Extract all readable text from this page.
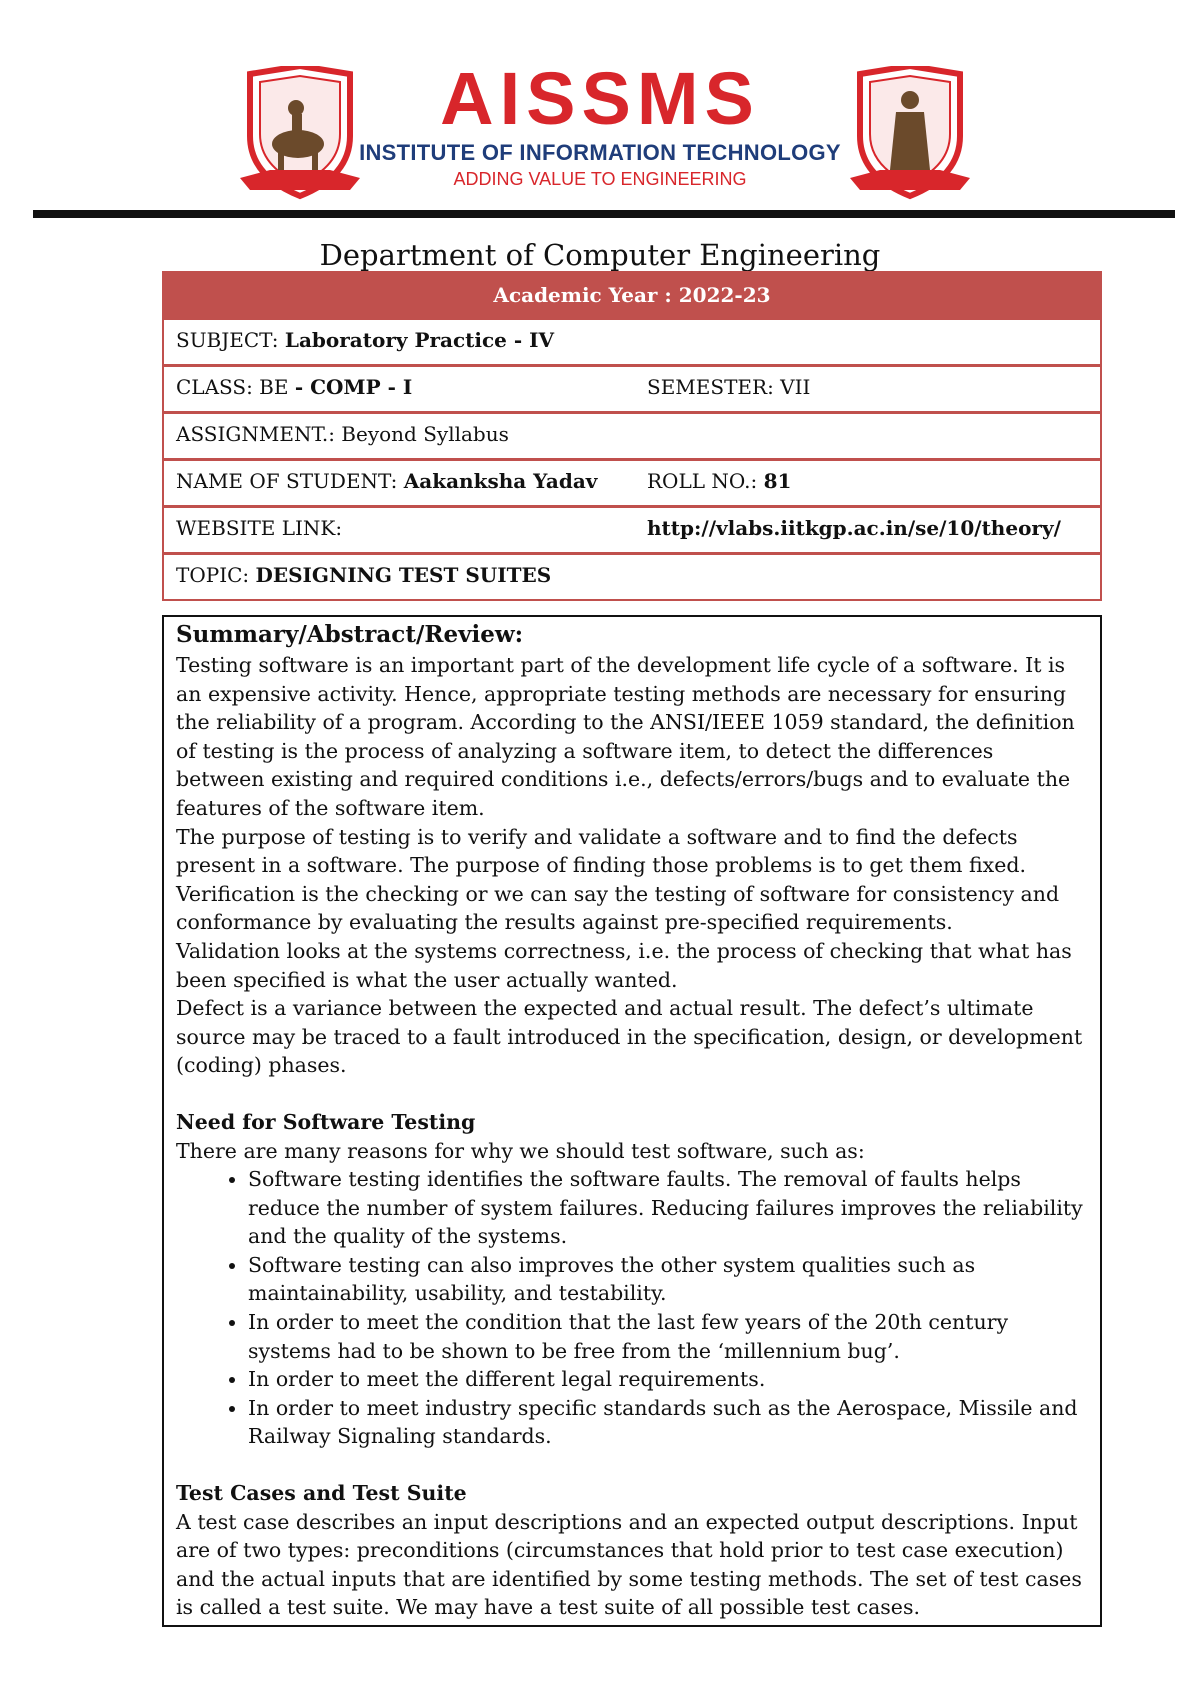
AISSMS
INSTITUTE OF INFORMATION TECHNOLOGY
ADDING VALUE TO ENGINEERING
Department of Computer Engineering
Academic Year : 2022-23
SUBJECT: Laboratory Practice - IV
CLASS: BE - COMP - I	SEMESTER: VII
ASSIGNMENT.: Beyond Syllabus
NAME OF STUDENT: Aakanksha Yadav ROLL NO.: 81
WEBSITE LINK:	http://vlabs.iitkgp.ac.in/se/10/theory/
TOPIC: DESIGNING TEST SUITES
Summary/Abstract/Review:

Testing software is an important part of the development life cycle of a software. It is an expensive activity. Hence, appropriate testing methods are necessary for ensuring the reliability of a program. According to the ANSI/IEEE 1059 standard, the definition of testing is the process of analyzing a software item, to detect the differences between existing and required conditions i.e., defects/errors/bugs and to evaluate the features of the software item.

The purpose of testing is to verify and validate a software and to find the defects present in a software. The purpose of finding those problems is to get them fixed.

Verification is the checking or we can say the testing of software for consistency and conformance by evaluating the results against pre-specified requirements.

Validation looks at the systems correctness, i.e. the process of checking that what has been specified is what the user actually wanted.

Defect is a variance between the expected and actual result. The defect’s ultimate source may be traced to a fault introduced in the specification, design, or development (coding) phases.

Need for Software Testing

There are many reasons for why we should test software, such as:

• Software testing identifies the software faults. The removal of faults helps reduce the number of system failures. Reducing failures improves the reliability and the quality of the systems.
• Software testing can also improves the other system qualities such as maintainability, usability, and testability.
• In order to meet the condition that the last few years of the 20th century systems had to be shown to be free from the ‘millennium bug’.
• In order to meet the different legal requirements.
• In order to meet industry specific standards such as the Aerospace, Missile and Railway Signaling standards.
Test Cases and Test Suite

A test case describes an input descriptions and an expected output descriptions. Input are of two types: preconditions (circumstances that hold prior to test case execution) and the actual inputs that are identified by some testing methods. The set of test cases is called a test suite. We may have a test suite of all possible test cases.
